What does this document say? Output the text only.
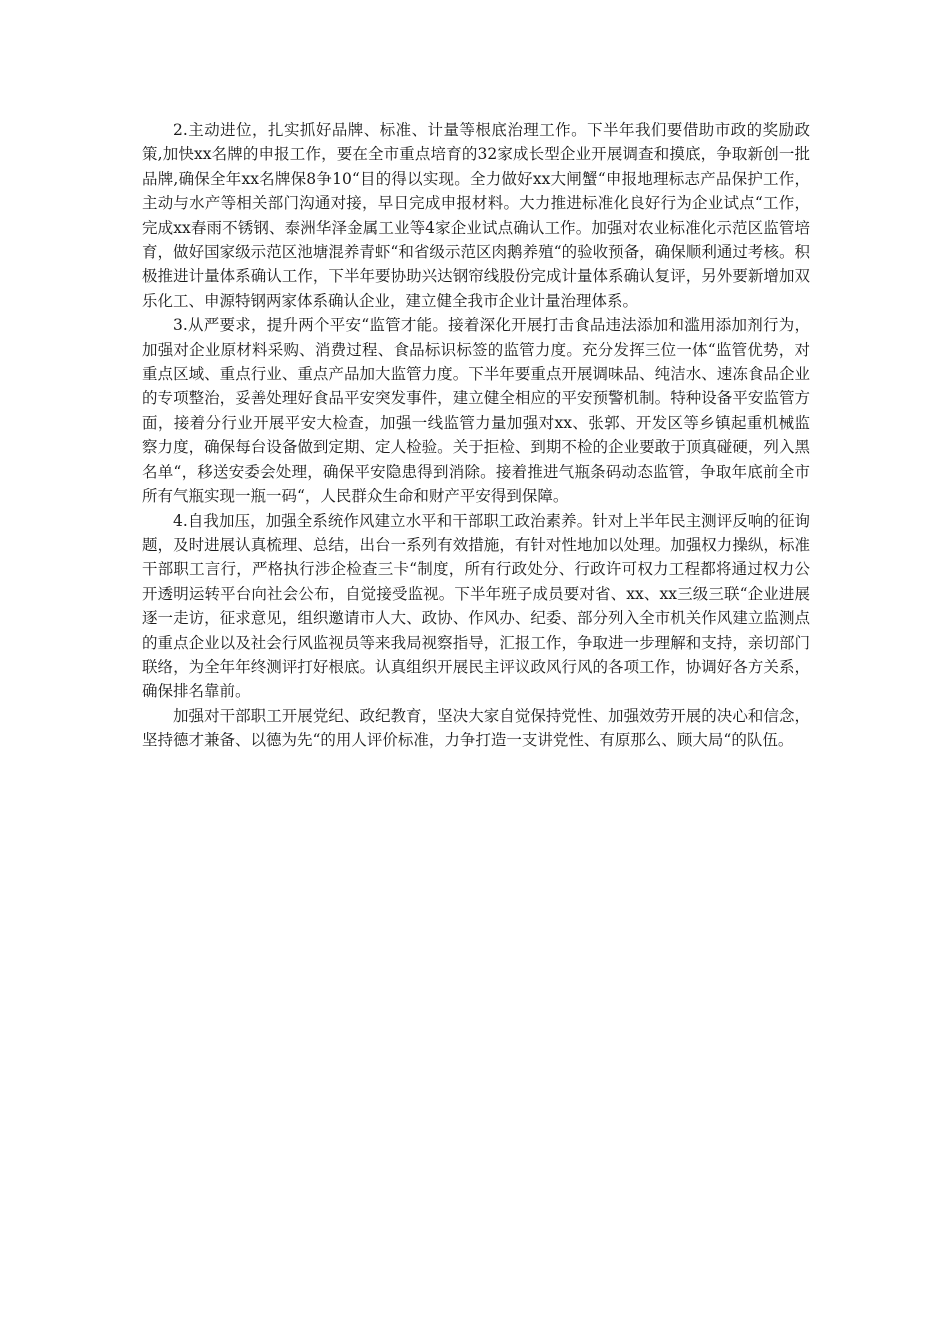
2.主动进位，扎实抓好品牌、标准、计量等根底治理工作。下半年我们要借助市政的奖励政策,加快xx名牌的申报工作，要在全市重点培育的32家成长型企业开展调查和摸底，争取新创一批品牌,确保全年xx名牌保8争10“目的得以实现。全力做好xx大闸蟹“申报地理标志产品保护工作，主动与水产等相关部门沟通对接，早日完成申报材料。大力推进标准化良好行为企业试点“工作，完成xx春雨不锈钢、泰洲华泽金属工业等4家企业试点确认工作。加强对农业标准化示范区监管培育，做好国家级示范区池塘混养青虾“和省级示范区肉鹅养殖“的验收预备，确保顺利通过考核。积极推进计量体系确认工作，下半年要协助兴达钢帘线股份完成计量体系确认复评，另外要新增加双乐化工、申源特钢两家体系确认企业，建立健全我市企业计量治理体系。

3.从严要求，提升两个平安“监管才能。接着深化开展打击食品违法添加和滥用添加剂行为，加强对企业原材料采购、消费过程、食品标识标签的监管力度。充分发挥三位一体“监管优势，对重点区域、重点行业、重点产品加大监管力度。下半年要重点开展调味品、纯洁水、速冻食品企业的专项整治，妥善处理好食品平安突发事件，建立健全相应的平安预警机制。特种设备平安监管方面，接着分行业开展平安大检查，加强一线监管力量加强对xx、张郭、开发区等乡镇起重机械监察力度，确保每台设备做到定期、定人检验。关于拒检、到期不检的企业要敢于顶真碰硬，列入黑名单“，移送安委会处理，确保平安隐患得到消除。接着推进气瓶条码动态监管，争取年底前全市所有气瓶实现一瓶一码“，人民群众生命和财产平安得到保障。

4.自我加压，加强全系统作风建立水平和干部职工政治素养。针对上半年民主测评反响的征询题，及时进展认真梳理、总结，出台一系列有效措施，有针对性地加以处理。加强权力操纵，标准干部职工言行，严格执行涉企检查三卡“制度，所有行政处分、行政许可权力工程都将通过权力公开透明运转平台向社会公布，自觉接受监视。下半年班子成员要对省、xx、xx三级三联“企业进展逐一走访，征求意见，组织邀请市人大、政协、作风办、纪委、部分列入全市机关作风建立监测点的重点企业以及社会行风监视员等来我局视察指导，汇报工作，争取进一步理解和支持，亲切部门联络，为全年年终测评打好根底。认真组织开展民主评议政风行风的各项工作，协调好各方关系，确保排名靠前。

加强对干部职工开展党纪、政纪教育，坚决大家自觉保持党性、加强效劳开展的决心和信念，坚持德才兼备、以德为先“的用人评价标准，力争打造一支讲党性、有原那么、顾大局“的队伍。
